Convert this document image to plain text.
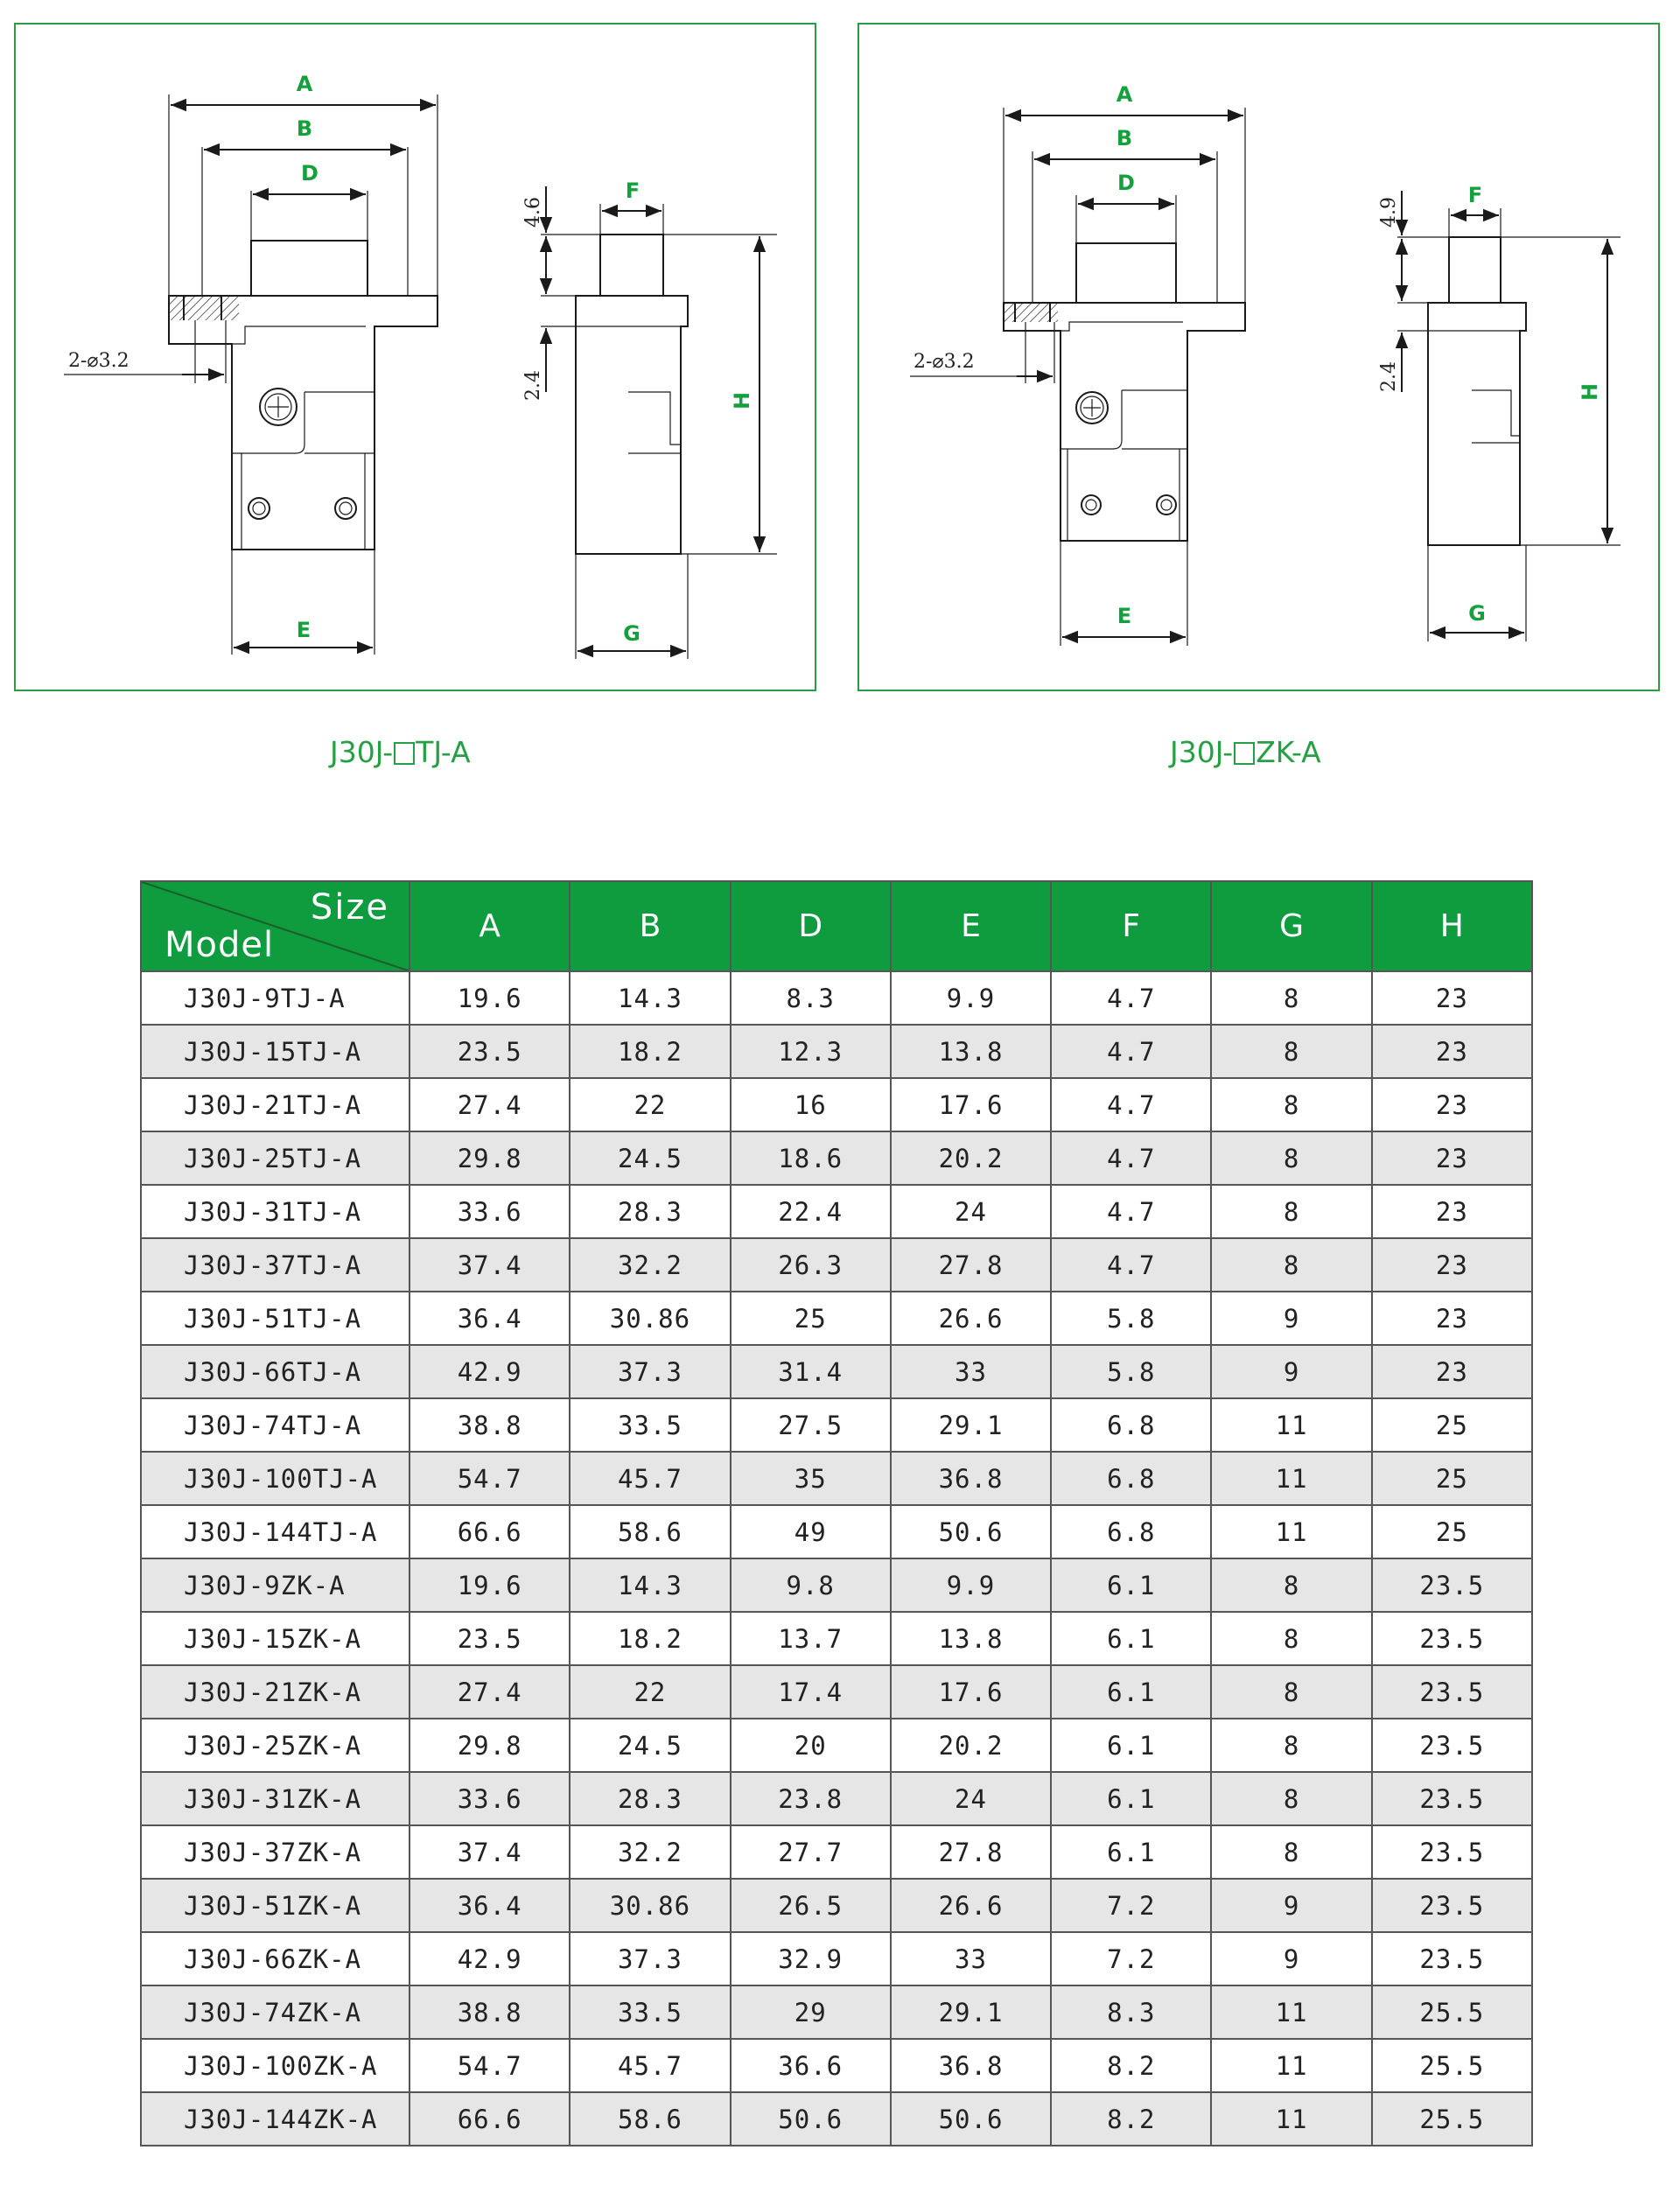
A
B
D
E
2-⌀3.2
4.6
2.4
F
G
H
A
B
D
E
2-⌀3.2
4.9
2.4
F
G
H
J30J- TJ-A	J30J- ZK-A
Size
Model	A	B	D	E	F	G	H
J30J-9TJ-A	19.6	14.3	8.3	9.9	4.7	8	23
J30J-15TJ-A	23.5	18.2	12.3	13.8	4.7	8	23
J30J-21TJ-A	27.4	22	16	17.6	4.7	8	23
J30J-25TJ-A	29.8	24.5	18.6	20.2	4.7	8	23
J30J-31TJ-A	33.6	28.3	22.4	24	4.7	8	23
J30J-37TJ-A	37.4	32.2	26.3	27.8	4.7	8	23
J30J-51TJ-A	36.4	30.86	25	26.6	5.8	9	23
J30J-66TJ-A	42.9	37.3	31.4	33	5.8	9	23
J30J-74TJ-A	38.8	33.5	27.5	29.1	6.8	11	25
J30J-100TJ-A	54.7	45.7	35	36.8	6.8	11	25
J30J-144TJ-A	66.6	58.6	49	50.6	6.8	11	25
J30J-9ZK-A	19.6	14.3	9.8	9.9	6.1	8	23.5
J30J-15ZK-A	23.5	18.2	13.7	13.8	6.1	8	23.5
J30J-21ZK-A	27.4	22	17.4	17.6	6.1	8	23.5
J30J-25ZK-A	29.8	24.5	20	20.2	6.1	8	23.5
J30J-31ZK-A	33.6	28.3	23.8	24	6.1	8	23.5
J30J-37ZK-A	37.4	32.2	27.7	27.8	6.1	8	23.5
J30J-51ZK-A	36.4	30.86	26.5	26.6	7.2	9	23.5
J30J-66ZK-A	42.9	37.3	32.9	33	7.2	9	23.5
J30J-74ZK-A	38.8	33.5	29	29.1	8.3	11	25.5
J30J-100ZK-A	54.7	45.7	36.6	36.8	8.2	11	25.5
J30J-144ZK-A	66.6	58.6	50.6	50.6	8.2	11	25.5
